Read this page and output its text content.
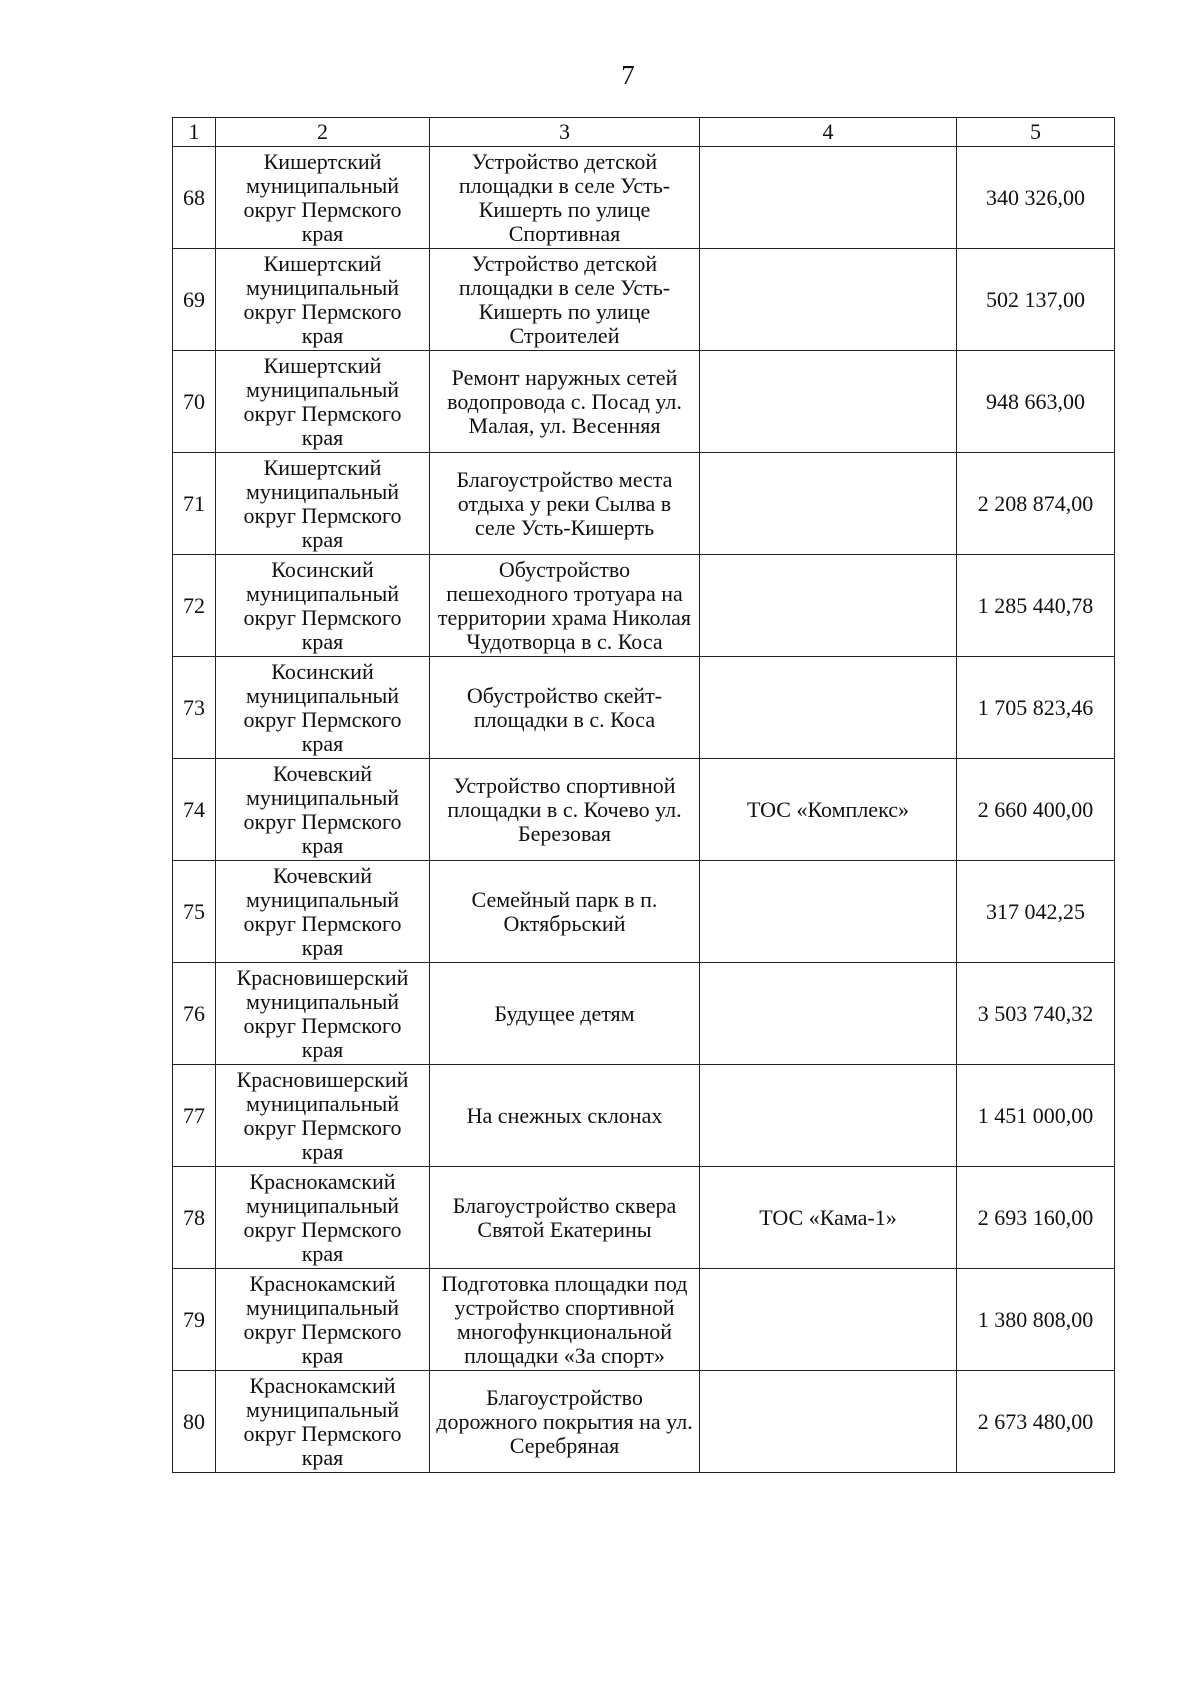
7
1	2	3	4	5
68	Кишертский муниципальный округ Пермского края	Устройство детской площадки в селе Усть-Кишерть по улице Спортивная		340 326,00
69	Кишертский муниципальный округ Пермского края	Устройство детской площадки в селе Усть-Кишерть по улице Строителей		502 137,00
70	Кишертский муниципальный округ Пермского края	Ремонт наружных сетей водопровода с. Посад ул. Малая, ул. Весенняя		948 663,00
71	Кишертский муниципальный округ Пермского края	Благоустройство места отдыха у реки Сылва в селе Усть-Кишерть		2 208 874,00
72	Косинский муниципальный округ Пермского края	Обустройство пешеходного тротуара на территории храма Николая Чудотворца в с. Коса		1 285 440,78
73	Косинский муниципальный округ Пермского края	Обустройство скейт-площадки в с. Коса		1 705 823,46
74	Кочевский муниципальный округ Пермского края	Устройство спортивной площадки в с. Кочево ул. Березовая	ТОС «Комплекс»	2 660 400,00
75	Кочевский муниципальный округ Пермского края	Семейный парк в п. Октябрьский		317 042,25
76	Красновишерский муниципальный округ Пермского края	Будущее детям		3 503 740,32
77	Красновишерский муниципальный округ Пермского края	На снежных склонах		1 451 000,00
78	Краснокамский муниципальный округ Пермского края	Благоустройство сквера Святой Екатерины	ТОС «Кама-1»	2 693 160,00
79	Краснокамский муниципальный округ Пермского края	Подготовка площадки под устройство спортивной многофункциональной площадки «За спорт»		1 380 808,00
80	Краснокамский муниципальный округ Пермского края	Благоустройство дорожного покрытия на ул. Серебряная		2 673 480,00
